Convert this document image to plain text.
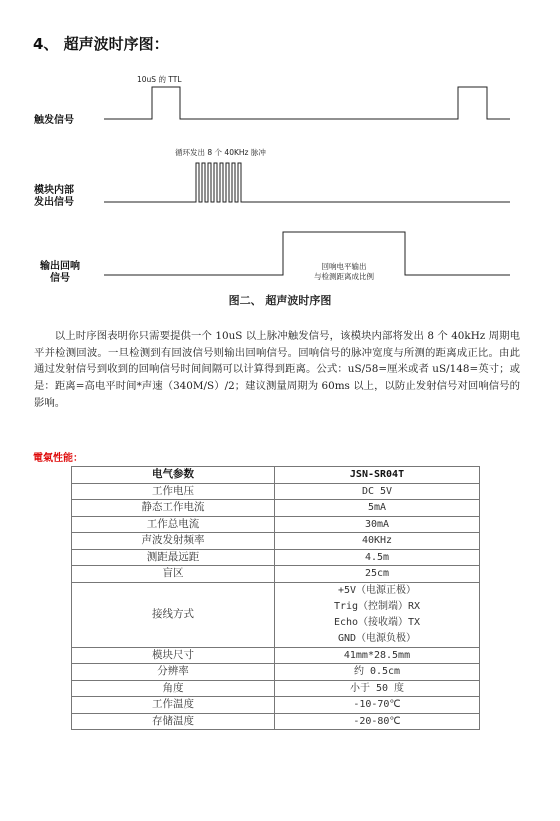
4、 超声波时序图：
触发信号
模块内部
发出信号
输出回响
信号
10uS 的 TTL
循环发出 8 个 40KHz 脉冲
回响电平输出
与检测距离成比例
图二、 超声波时序图
以上时序图表明你只需要提供一个 10uS 以上脉冲触发信号，该模块内部将发出 8 个 40kHz 周期电平并检测回波。一旦检测到有回波信号则输出回响信号。回响信号的脉冲宽度与所测的距离成正比。由此通过发射信号到收到的回响信号时间间隔可以计算得到距离。公式：uS/58=厘米或者 uS/148=英寸；或是：距离=高电平时间*声速（340M/S）/2；建议测量周期为 60ms 以上，以防止发射信号对回响信号的影响。
電氣性能：
电气参数	JSN-SR04T
工作电压	DC 5V
静态工作电流	5mA
工作总电流	30mA
声波发射频率	40KHz
测距最远距	4.5m
盲区	25cm
接线方式	+5V（电源正极）
Trig（控制端）RX
Echo（接收端）TX
GND（电源负极）

模块尺寸	41mm*28.5mm
分辨率	约 0.5cm
角度	小于 50 度
工作温度	-10-70℃
存储温度	-20-80℃
